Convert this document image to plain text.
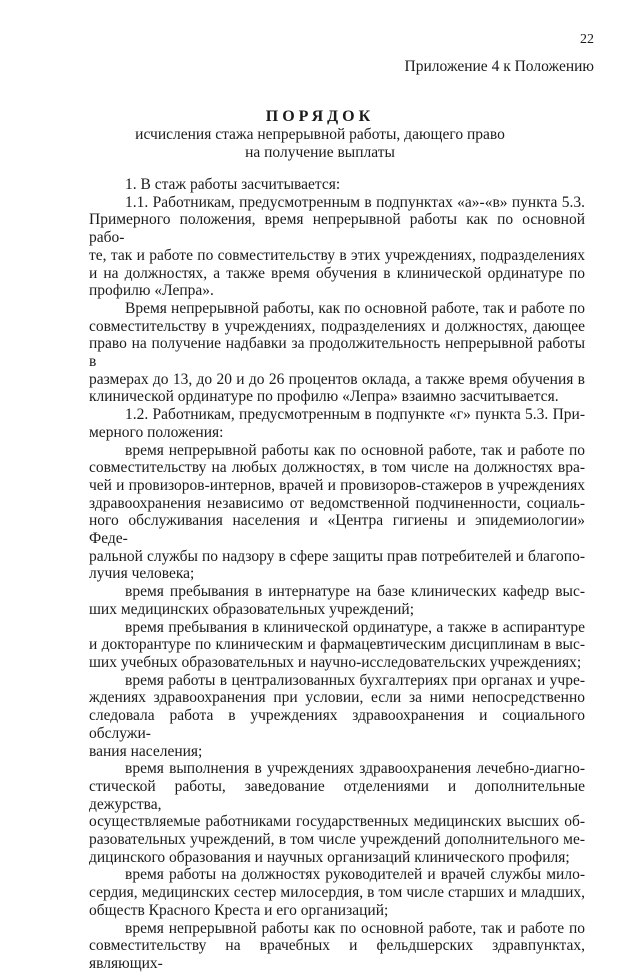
22
Приложение 4 к Положению
ПОРЯДОК
исчисления стажа непрерывной работы, дающего право
на получение выплаты
1. В стаж работы засчитывается:
1.1. Работникам, предусмотренным в подпунктах «а»-«в» пункта 5.3.
Примерного положения, время непрерывной работы как по основной рабо-
те, так и работе по совместительству в этих учреждениях, подразделениях
и на должностях, а также время обучения в клинической ординатуре по
профилю «Лепра».
Время непрерывной работы, как по основной работе, так и работе по
совместительству в учреждениях, подразделениях и должностях, дающее
право на получение надбавки за продолжительность непрерывной работы в
размерах до 13, до 20 и до 26 процентов оклада, а также время обучения в
клинической ординатуре по профилю «Лепра» взаимно засчитывается.
1.2. Работникам, предусмотренным в подпункте «г» пункта 5.3. При-
мерного положения:
время непрерывной работы как по основной работе, так и работе по
совместительству на любых должностях, в том числе на должностях вра-
чей и провизоров-интернов, врачей и провизоров-стажеров в учреждениях
здравоохранения независимо от ведомственной подчиненности, социаль-
ного обслуживания населения и «Центра гигиены и эпидемиологии» Феде-
ральной службы по надзору в сфере защиты прав потребителей и благопо-
лучия человека;
время пребывания в интернатуре на базе клинических кафедр выс-
ших медицинских образовательных учреждений;
время пребывания в клинической ординатуре, а также в аспирантуре
и докторантуре по клиническим и фармацевтическим дисциплинам в выс-
ших учебных образовательных и научно-исследовательских учреждениях;
время работы в централизованных бухгалтериях при органах и учре-
ждениях здравоохранения при условии, если за ними непосредственно
следовала работа в учреждениях здравоохранения и социального обслужи-
вания населения;
время выполнения в учреждениях здравоохранения лечебно-диагно-
стической работы, заведование отделениями и дополнительные дежурства,
осуществляемые работниками государственных медицинских высших об-
разовательных учреждений, в том числе учреждений дополнительного ме-
дицинского образования и научных организаций клинического профиля;
время работы на должностях руководителей и врачей службы мило-
сердия, медицинских сестер милосердия, в том числе старших и младших,
обществ Красного Креста и его организаций;
время непрерывной работы как по основной работе, так и работе по
совместительству на врачебных и фельдшерских здравпунктах, являющих-
